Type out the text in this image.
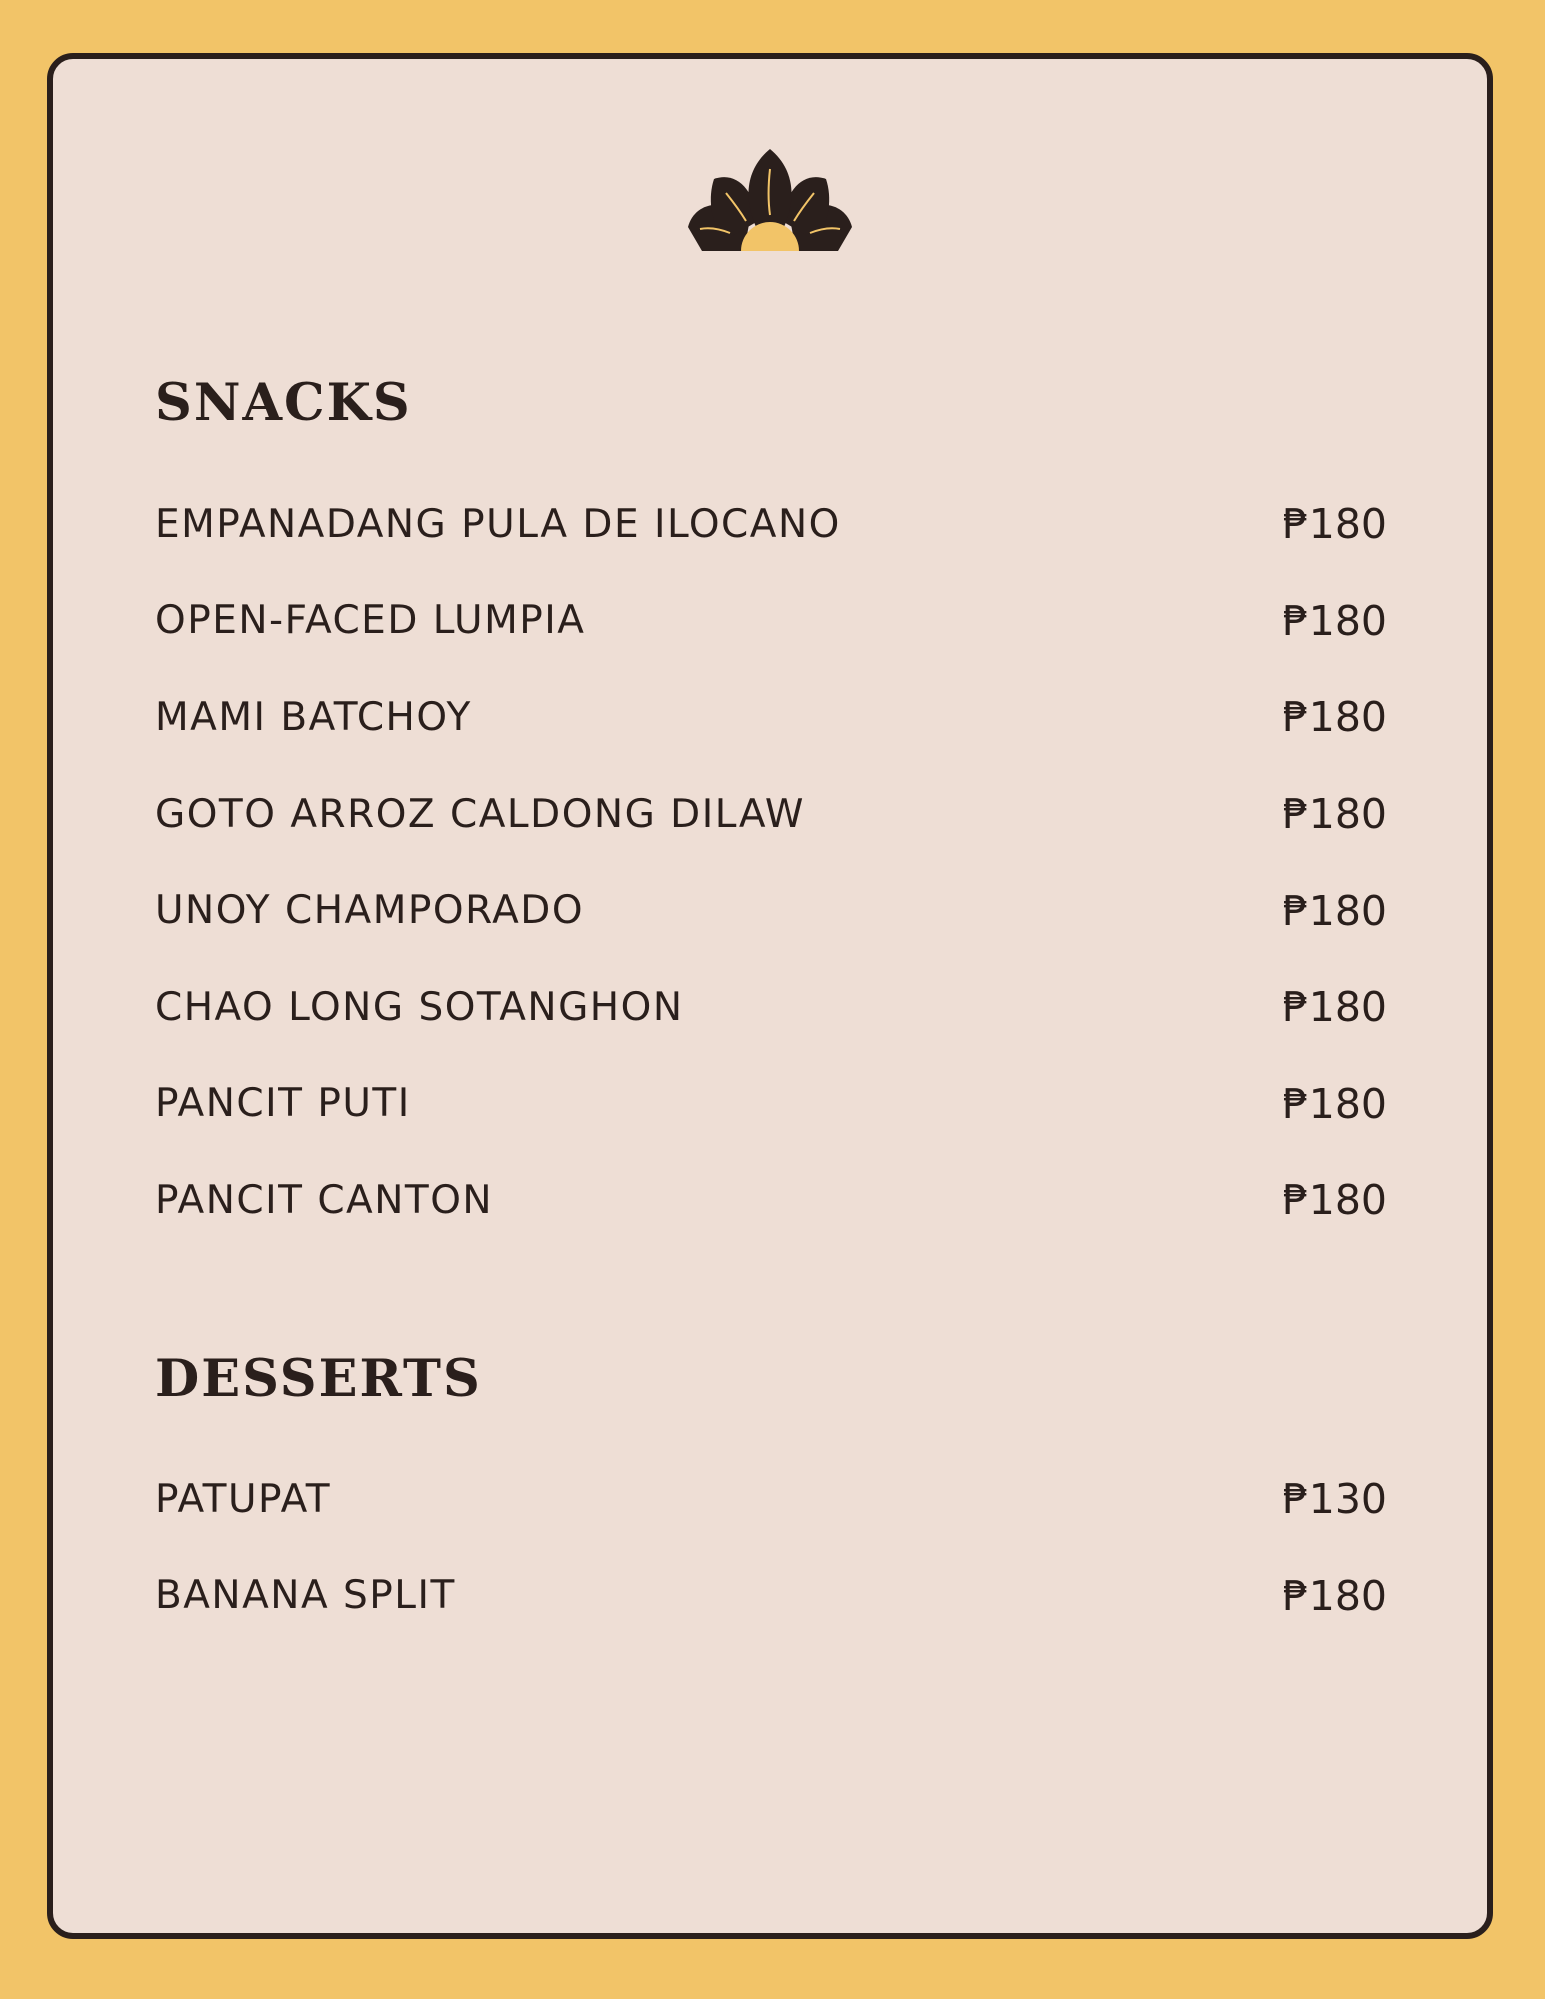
SNACKS
EMPANADANG PULA DE ILOCANO	₱180
OPEN-FACED LUMPIA	₱180
MAMI BATCHOY	₱180
GOTO ARROZ CALDONG DILAW	₱180
UNOY CHAMPORADO	₱180
CHAO LONG SOTANGHON	₱180
PANCIT PUTI	₱180
PANCIT CANTON	₱180
DESSERTS
PATUPAT	₱130
BANANA SPLIT	₱180
